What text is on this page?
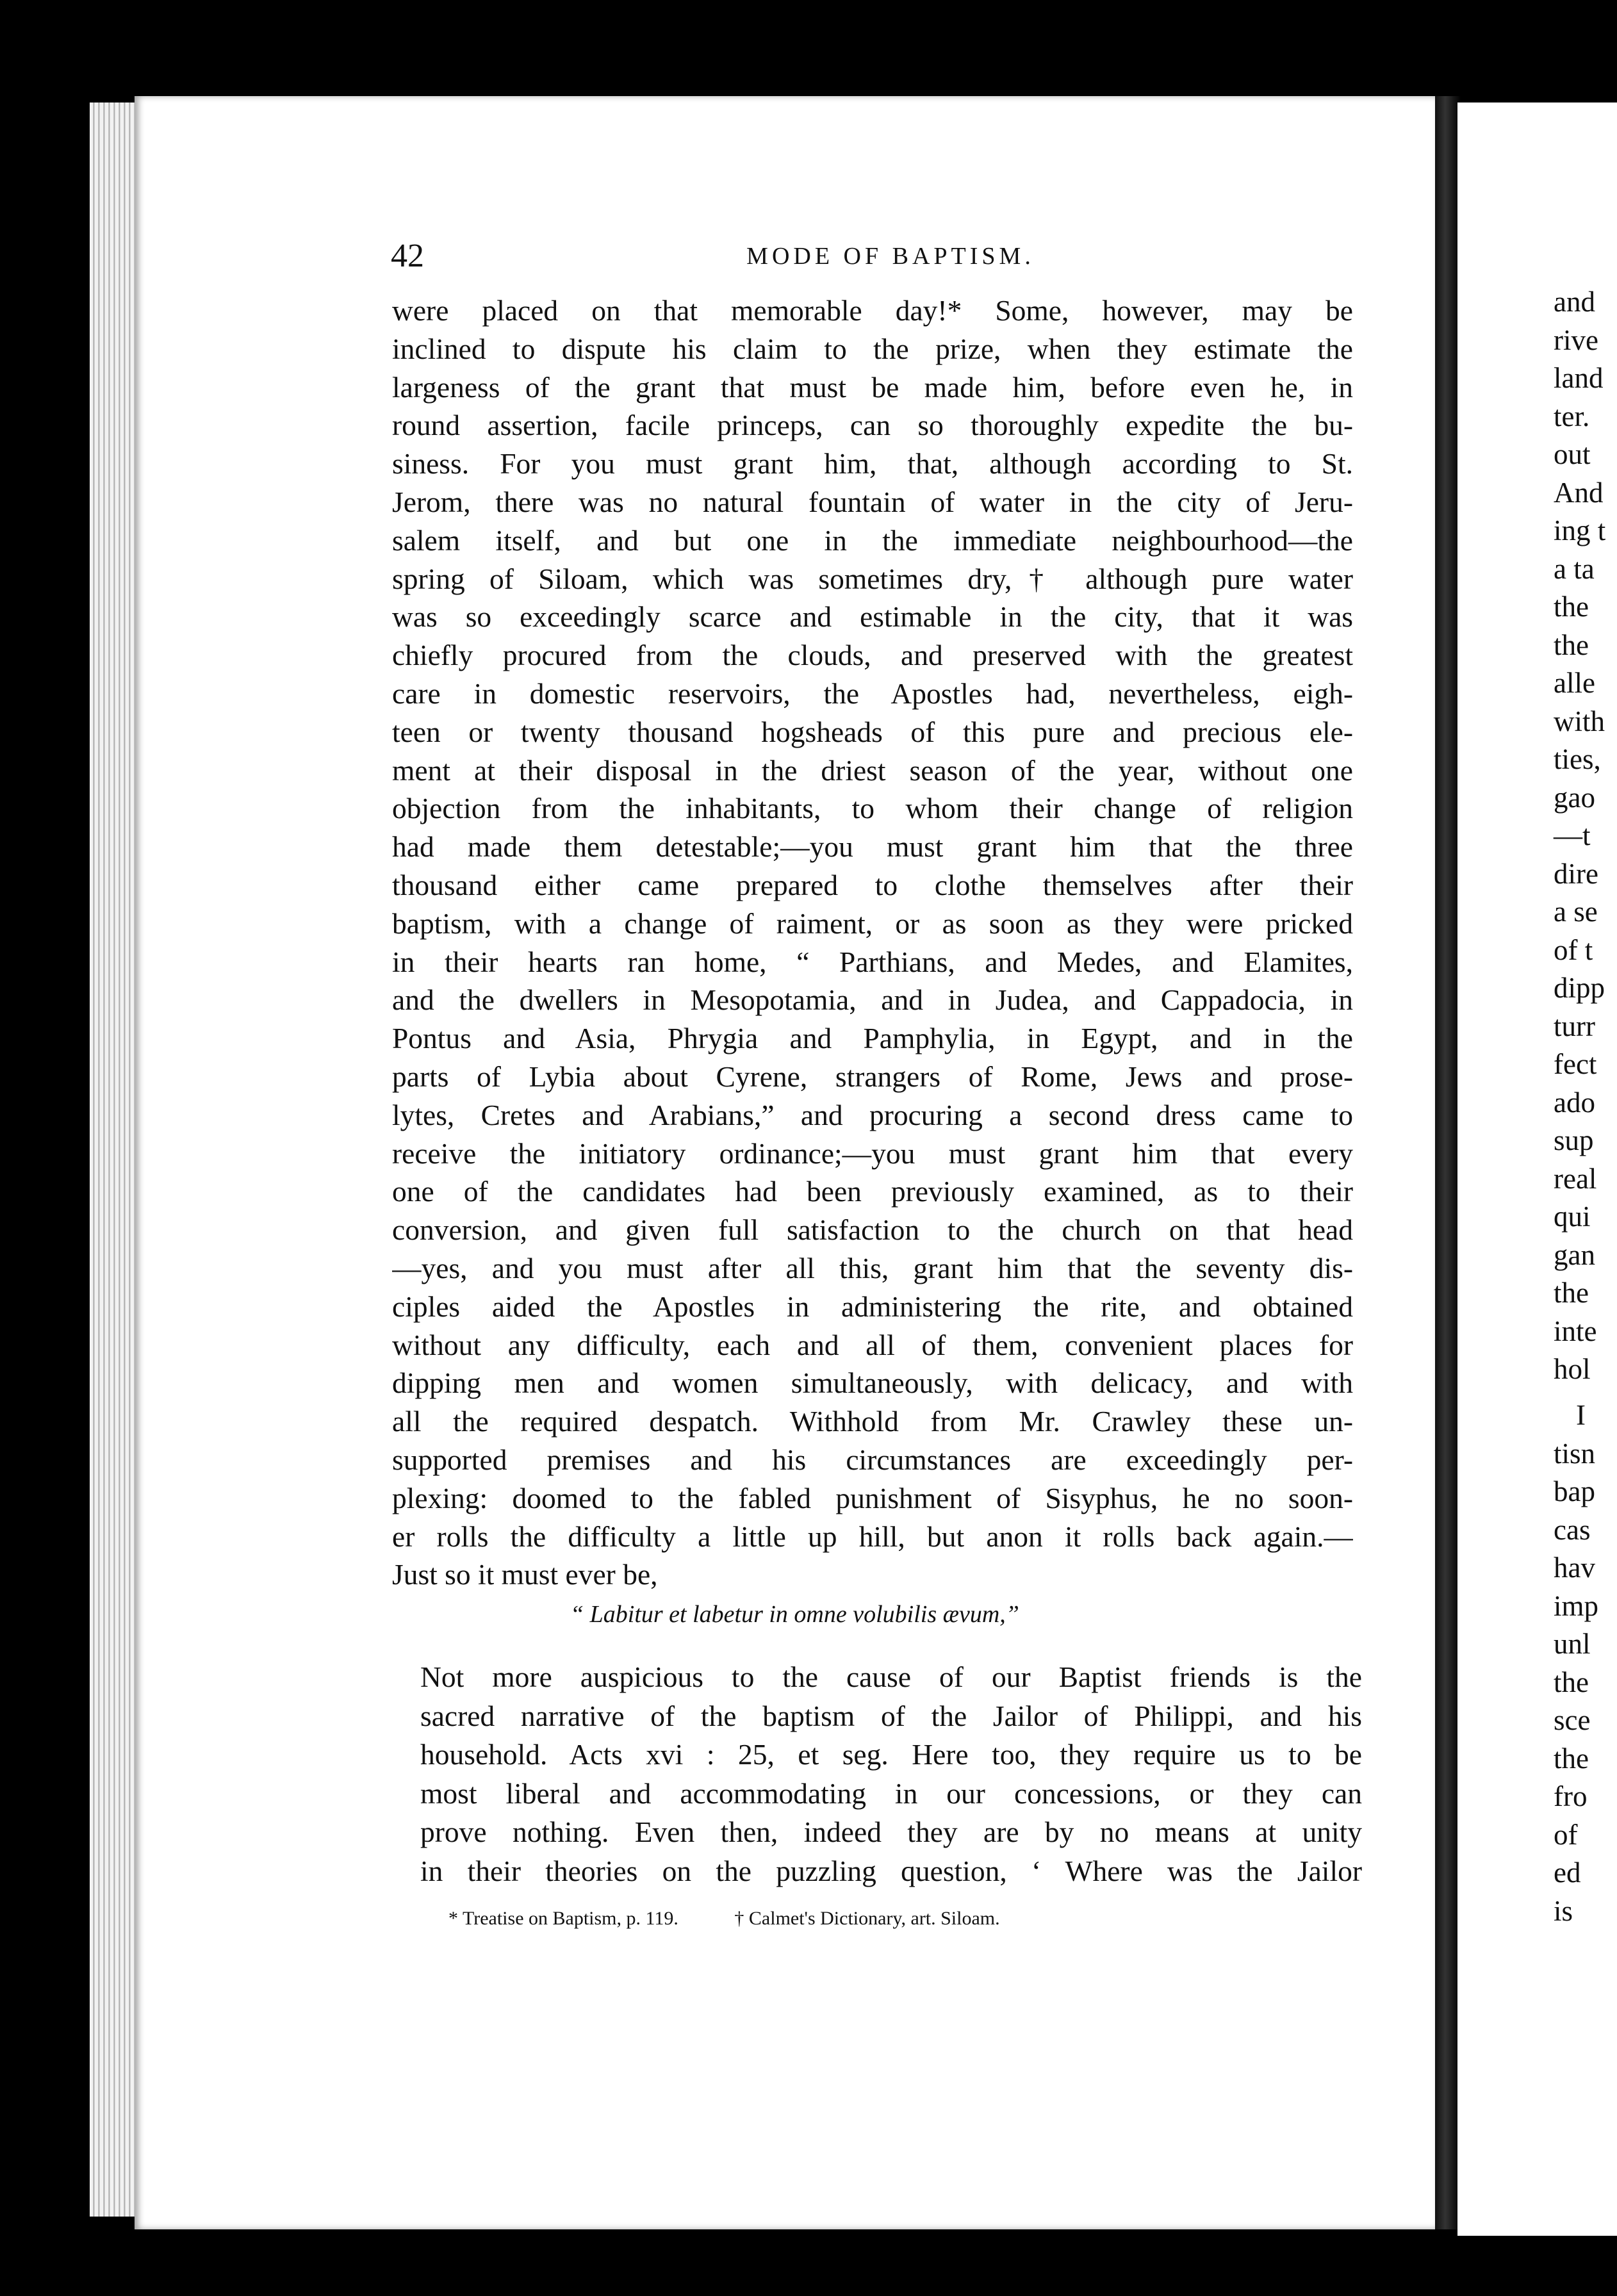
and
rive
land
ter.
out
And
ing t
a ta
the
the
alle
with
ties,
gao
—t
dire
a se
of t
dipp
turr
fect
ado
sup
real
qui
gan
the
inte
hol
I
tisn
bap
cas
hav
imp
unl
the
sce
the
fro
of
ed
is
42	MODE OF BAPTISM.
were placed on that memorable day!* Some, however, may be
inclined to dispute his claim to the prize, when they estimate the
largeness of the grant that must be made him, before even he, in
round assertion, facile princeps, can so thoroughly expedite the bu-
siness. For you must grant him, that, although according to St.
Jerom, there was no natural fountain of water in the city of Jeru-
salem itself, and but one in the immediate neighbourhood—the
spring of Siloam, which was sometimes dry,† although pure water
was so exceedingly scarce and estimable in the city, that it was
chiefly procured from the clouds, and preserved with the greatest
care in domestic reservoirs, the Apostles had, nevertheless, eigh-
teen or twenty thousand hogsheads of this pure and precious ele-
ment at their disposal in the driest season of the year, without one
objection from the inhabitants, to whom their change of religion
had made them detestable;—you must grant him that the three
thousand either came prepared to clothe themselves after their
baptism, with a change of raiment, or as soon as they were pricked
in their hearts ran home, “ Parthians, and Medes, and Elamites,
and the dwellers in Mesopotamia, and in Judea, and Cappadocia, in
Pontus and Asia, Phrygia and Pamphylia, in Egypt, and in the
parts of Lybia about Cyrene, strangers of Rome, Jews and prose-
lytes, Cretes and Arabians,” and procuring a second dress came to
receive the initiatory ordinance;—you must grant him that every
one of the candidates had been previously examined, as to their
conversion, and given full satisfaction to the church on that head
—yes, and you must after all this, grant him that the seventy dis-
ciples aided the Apostles in administering the rite, and obtained
without any difficulty, each and all of them, convenient places for
dipping men and women simultaneously, with delicacy, and with
all the required despatch. Withhold from Mr. Crawley these un-
supported premises and his circumstances are exceedingly per-
plexing: doomed to the fabled punishment of Sisyphus, he no soon-
er rolls the difficulty a little up hill, but anon it rolls back again.—
Just so it must ever be,
“ Labitur et labetur in omne volubilis ævum,”
Not more auspicious to the cause of our Baptist friends is the
sacred narrative of the baptism of the Jailor of Philippi, and his
household. Acts xvi : 25, et seg. Here too, they require us to be
most liberal and accommodating in our concessions, or they can
prove nothing. Even then, indeed they are by no means at unity
in their theories on the puzzling question, ‘ Where was the Jailor
* Treatise on Baptism, p. 119.	† Calmet's Dictionary, art. Siloam.
